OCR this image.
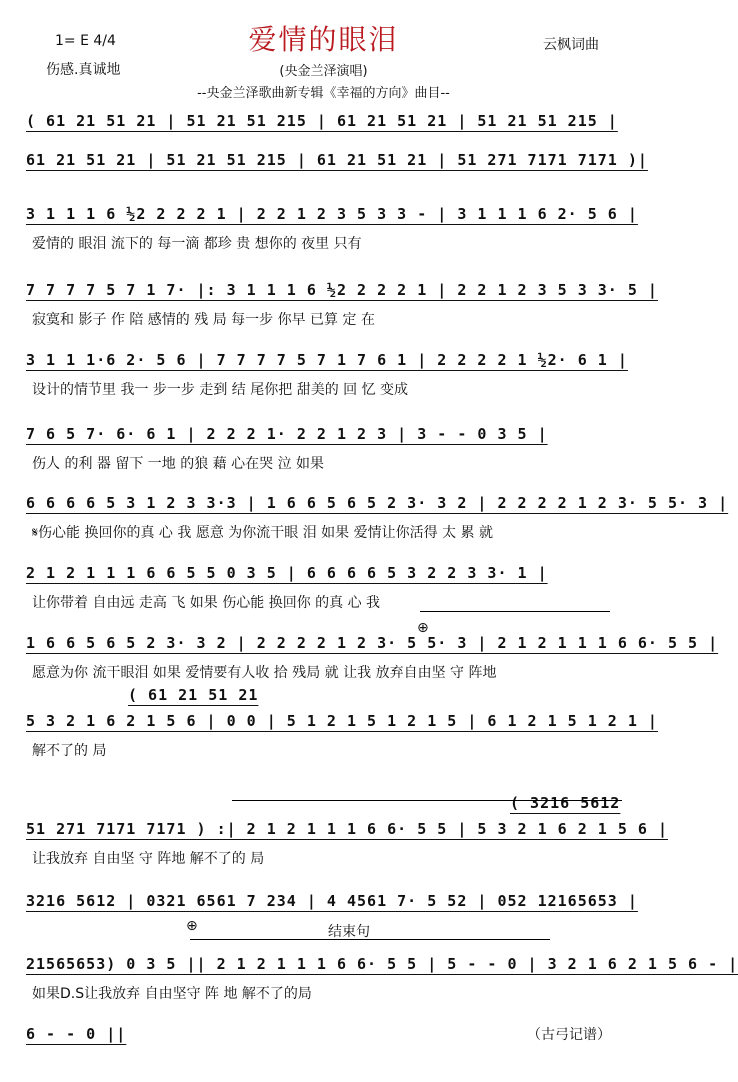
爱情的眼泪
1= E 4/4
伤感.真诚地
云枫词曲
(央金兰泽演唱)
--央金兰泽歌曲新专辑《幸福的方向》曲目--
( 61 21 51 21 | 51 21 51 215 | 61 21 51 21 | 51 21 51 215 |
61 21 51 21 | 51 21 51 215 | 61 21 51 21 | 51 271 7171 7171 )|
3 1 1 1 6 ½2 2 2 2 1 | 2 2 1 2 3 5 3 3 - | 3 1 1 1 6 2· 5 6 |
爱情的 眼泪 流下的 每一滴 都珍 贵 想你的 夜里 只有
7 7 7 7 5 7 1 7· |: 3 1 1 1 6 ½2 2 2 2 1 | 2 2 1 2 3 5 3 3· 5 |
寂寞和 影子 作 陪 感情的 残 局 每一步 你早 已算 定 在
3 1 1 1·6 2· 5 6 | 7 7 7 7 5 7 1 7 6 1 | 2 2 2 2 1 ½2· 6 1 |
设计的情节里 我一 步一步 走到 结 尾你把 甜美的 回 忆 变成
7 6 5 7· 6· 6 1 | 2 2 2 1· 2 2 1 2 3 | 3 - - 0 3 5 |
伤人 的利 器 留下 一地 的狼 藉 心在哭 泣 如果
6 6 6 6 5 3 1 2 3 3·3 | 1 6 6 5 6 5 2 3· 3 2 | 2 2 2 2 1 2 3· 5 5· 3 |
𝄋伤心能 换回你的真 心 我 愿意 为你流干眼 泪 如果 爱情让你活得 太 累 就
2 1 2 1 1 1 6 6 5 5 0 3 5 | 6 6 6 6 5 3 2 2 3 3· 1 |
让你带着 自由远 走高 飞 如果 伤心能 换回你 的真 心 我
1 6 6 5 6 5 2 3· 3 2 | 2 2 2 2 1 2 3· 5 5· 3 | 2 1 2 1 1 1 6 6· 5 5 |
愿意为你 流干眼泪 如果 爱情要有人收 拾 残局 就 让我 放弃自由坚 守 阵地
5 3 2 1 6 2 1 5 6 | 0 0 | 5 1 2 1 5 1 2 1 5 | 6 1 2 1 5 1 2 1 |
解不了的 局
( 61 21 51 21
51 271 7171 7171 ) :| 2 1 2 1 1 1 6 6· 5 5 | 5 3 2 1 6 2 1 5 6 |
让我放弃 自由坚 守 阵地 解不了的 局
( 3216 5612
3216 5612 | 0321 6561 7 234 | 4 4561 7· 5 52 | 052 12165653 |
21565653) 0 3 5 || 2 1 2 1 1 1 6 6· 5 5 | 5 - - 0 | 3 2 1 6 2 1 5 6 - |
如果D.S让我放弃 自由坚守 阵 地 解不了的局
结束句
6 - - 0 ||
⊕
⊕
（古弓记谱）
